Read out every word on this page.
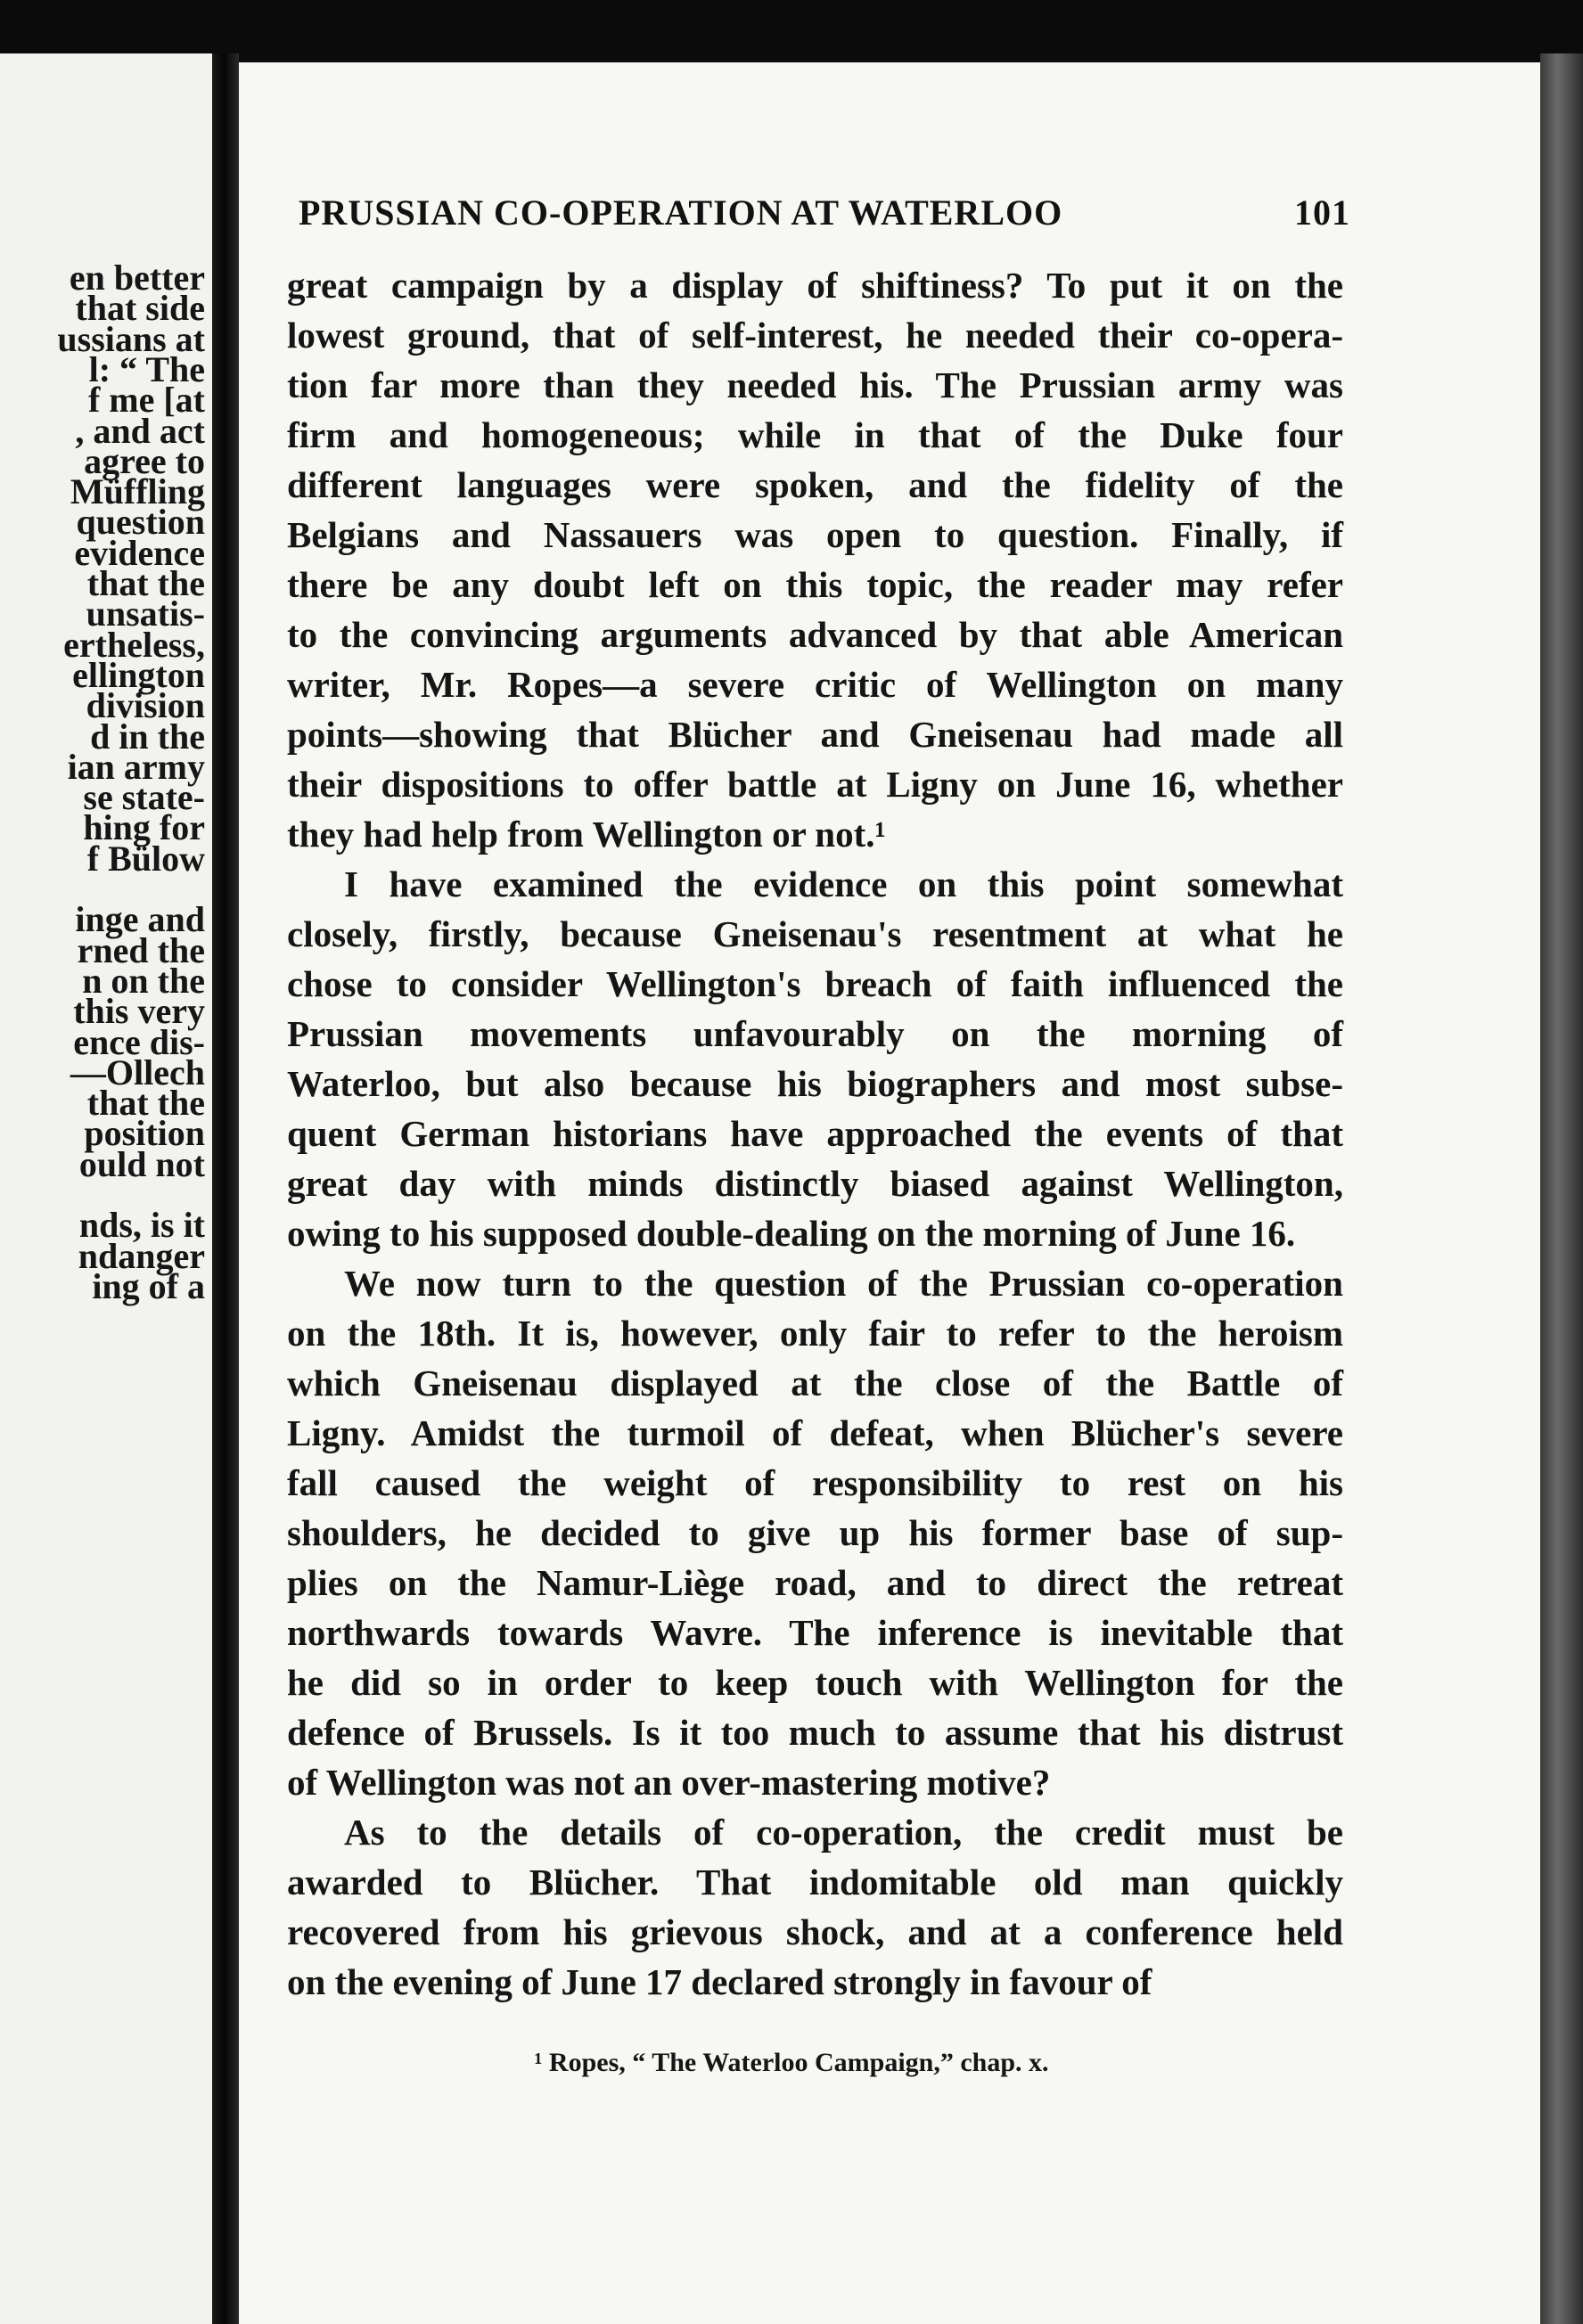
en better
that side
ussians at
l: “ The
f me [at
, and act
agree to
Müffling
question
evidence
that the
unsatis-
ertheless,
ellington
division
d in the
ian army
se state-
hing for
f Bülow
inge and
rned the
n on the
this very
ence dis-
—Ollech
that the
position
ould not
nds, is it
ndanger
ing of a
PRUSSIAN CO-OPERATION AT WATERLOO	101
great campaign by a display of shiftiness? To put it on the
lowest ground, that of self-interest, he needed their co-opera-
tion far more than they needed his. The Prussian army was
firm and homogeneous; while in that of the Duke four
different languages were spoken, and the fidelity of the
Belgians and Nassauers was open to question. Finally, if
there be any doubt left on this topic, the reader may refer
to the convincing arguments advanced by that able American
writer, Mr. Ropes—a severe critic of Wellington on many
points—showing that Blücher and Gneisenau had made all
their dispositions to offer battle at Ligny on June 16, whether
they had help from Wellington or not.¹
I have examined the evidence on this point somewhat
closely, firstly, because Gneisenau's resentment at what he
chose to consider Wellington's breach of faith influenced the
Prussian movements unfavourably on the morning of
Waterloo, but also because his biographers and most subse-
quent German historians have approached the events of that
great day with minds distinctly biased against Wellington,
owing to his supposed double-dealing on the morning of June 16.
We now turn to the question of the Prussian co-operation
on the 18th. It is, however, only fair to refer to the heroism
which Gneisenau displayed at the close of the Battle of
Ligny. Amidst the turmoil of defeat, when Blücher's severe
fall caused the weight of responsibility to rest on his
shoulders, he decided to give up his former base of sup-
plies on the Namur-Liège road, and to direct the retreat
northwards towards Wavre. The inference is inevitable that
he did so in order to keep touch with Wellington for the
defence of Brussels. Is it too much to assume that his distrust
of Wellington was not an over-mastering motive?
As to the details of co-operation, the credit must be
awarded to Blücher. That indomitable old man quickly
recovered from his grievous shock, and at a conference held
on the evening of June 17 declared strongly in favour of
¹ Ropes, “ The Waterloo Campaign,” chap. x.
